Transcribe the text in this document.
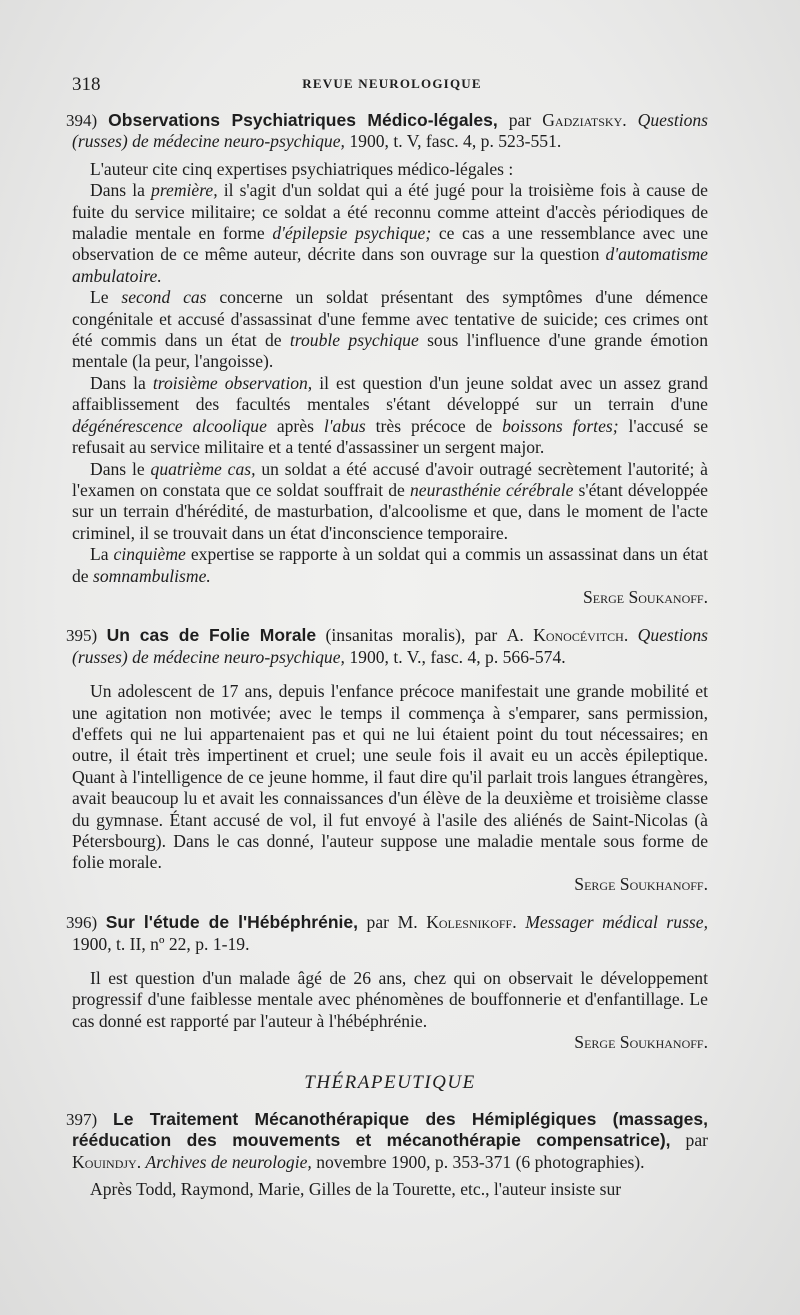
318	REVUE NEUROLOGIQUE

394) Observations Psychiatriques Médico-légales, par Gadziatsky. Questions (russes) de médecine neuro-psychique, 1900, t. V, fasc. 4, p. 523-551.

L'auteur cite cinq expertises psychiatriques médico-légales :

Dans la première, il s'agit d'un soldat qui a été jugé pour la troisième fois à cause de fuite du service militaire; ce soldat a été reconnu comme atteint d'accès périodiques de maladie mentale en forme d'épilepsie psychique; ce cas a une ressemblance avec une observation de ce même auteur, décrite dans son ouvrage sur la question d'automatisme ambulatoire.

Le second cas concerne un soldat présentant des symptômes d'une démence congénitale et accusé d'assassinat d'une femme avec tentative de suicide; ces crimes ont été commis dans un état de trouble psychique sous l'influence d'une grande émotion mentale (la peur, l'angoisse).

Dans la troisième observation, il est question d'un jeune soldat avec un assez grand affaiblissement des facultés mentales s'étant développé sur un terrain d'une dégénérescence alcoolique après l'abus très précoce de boissons fortes; l'accusé se refusait au service militaire et a tenté d'assassiner un sergent major.

Dans le quatrième cas, un soldat a été accusé d'avoir outragé secrètement l'autorité; à l'examen on constata que ce soldat souffrait de neurasthénie cérébrale s'étant développée sur un terrain d'hérédité, de masturbation, d'alcoolisme et que, dans le moment de l'acte criminel, il se trouvait dans un état d'inconscience temporaire.

La cinquième expertise se rapporte à un soldat qui a commis un assassinat dans un état de somnambulisme.

Serge Soukanoff.

395) Un cas de Folie Morale (insanitas moralis), par A. Konocévitch. Questions (russes) de médecine neuro-psychique, 1900, t. V., fasc. 4, p. 566-574.

Un adolescent de 17 ans, depuis l'enfance précoce manifestait une grande mobilité et une agitation non motivée; avec le temps il commença à s'emparer, sans permission, d'effets qui ne lui appartenaient pas et qui ne lui étaient point du tout nécessaires; en outre, il était très impertinent et cruel; une seule fois il avait eu un accès épileptique. Quant à l'intelligence de ce jeune homme, il faut dire qu'il parlait trois langues étrangères, avait beaucoup lu et avait les connaissances d'un élève de la deuxième et troisième classe du gymnase. Étant accusé de vol, il fut envoyé à l'asile des aliénés de Saint-Nicolas (à Pétersbourg). Dans le cas donné, l'auteur suppose une maladie mentale sous forme de folie morale.

Serge Soukhanoff.

396) Sur l'étude de l'Hébéphrénie, par M. Kolesnikoff. Messager médical russe, 1900, t. II, nº 22, p. 1-19.

Il est question d'un malade âgé de 26 ans, chez qui on observait le développement progressif d'une faiblesse mentale avec phénomènes de bouffonnerie et d'enfantillage. Le cas donné est rapporté par l'auteur à l'hébéphrénie.

Serge Soukhanoff.

THÉRAPEUTIQUE

397) Le Traitement Mécanothérapique des Hémiplégiques (massages, rééducation des mouvements et mécanothérapie compensatrice), par Kouindjy. Archives de neurologie, novembre 1900, p. 353-371 (6 photographies).

Après Todd, Raymond, Marie, Gilles de la Tourette, etc., l'auteur insiste sur
